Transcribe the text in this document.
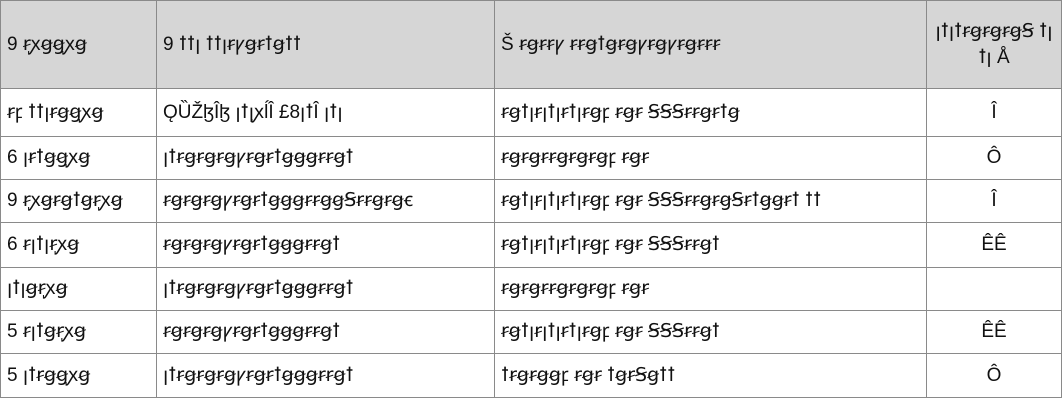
9 ꞧꭙꞡꞡꭙꞡ	9 ꝉꝉꞁ ꝉꝉꞁꞧꝩꞡꞧꝉꞡꝉꝉ	Š ꞧꞡꞧꞧꝩ ꞧꞧꞡꝉꞡꞧꞡꝩꞧꞡꝩꞧꞡꞧꞧꞧ	ꞁꝉꞁꝉꞧꞡꞧꞡꞧꞡꞨ ꝉꞁ ꝉꞁ Å
ꞧꝼ ꝉꝉꞁꞧꞡꞡꭙꞡ	ǪȔŽɮÎɮ ꞁꝉꞁꭙĺÎ £8ꞁꝉÎ ꞁꝉꞁ	ꞧꞡꝉꞁꞧꞁꝉꞁꞧꝉꞁꞧꞡꝼ ꞧꞡꞧ ꞨꞨꞨꞧꞧꞡꞧꝉꞡ	Î
6 ꞁꞧꝉꞡꞡꭙꞡ	ꞁꝉꞧꞡꞧꞡꞧꞡꝩꞧꞡꞧꝉꞡꞡꞡꞧꞧꞡꝉ	ꞧꞡꞧꞡꞧꞧꞡꞧꞡꞧꞡꝼ ꞧꞡꞧ	Ô
9 ꞧꭙꞡꞧꞡꝉꞡꞧꭙꞡ	ꞧꞡꞧꞡꞧꞡꝩꞧꞡꞧꝉꞡꞡꞡꞧꞧꞡꞡꞨꞧꞧꞡꞧꞡꞓ	ꞧꞡꝉꞁꞧꞁꝉꞁꞧꝉꞁꞧꞡꝼ ꞧꞡꞧ ꞨꞨꞨꞧꞧꞡꞧꞡꞨꞧꝉꞡꞡꞧꝉ ꝉꝉ	Î
6 ꞧꞁꝉꞁꞧꭙꞡ	ꞧꞡꞧꞡꞧꞡꝩꞧꞡꞧꝉꞡꞡꞡꞧꞧꞡꝉ	ꞧꞡꝉꞁꞧꞁꝉꞁꞧꝉꞁꞧꞡꝼ ꞧꞡꞧ ꞨꞨꞨꞧꞧꞡꝉ	ÊÊ
ꞁꝉꞁꞡꞧꭙꞡ	ꞁꝉꞧꞡꞧꞡꞧꞡꝩꞧꞡꞧꝉꞡꞡꞡꞧꞧꞡꝉ	ꞧꞡꞧꞡꞧꞧꞡꞧꞡꞧꞡꝼ ꞧꞡꞧ	
5 ꞧꞁꝉꞡꞧꭙꞡ	ꞧꞡꞧꞡꞧꞡꝩꞧꞡꞧꝉꞡꞡꞡꞧꞧꞡꝉ	ꞧꞡꝉꞁꞧꞁꝉꞁꞧꝉꞁꞧꞡꝼ ꞧꞡꞧ ꞨꞨꞨꞧꞧꞡꝉ	ÊÊ
5 ꞁꝉꞧꞡꞡꭙꞡ	ꞁꝉꞧꞡꞧꞡꞧꞡꝩꞧꞡꞧꝉꞡꞡꞡꞧꞧꞡꝉ	ꝉꞧꞡꞧꞡꞡꝼ ꞧꞡꞧ ꝉꞡꞧꞨꞡꝉꝉ	Ô
